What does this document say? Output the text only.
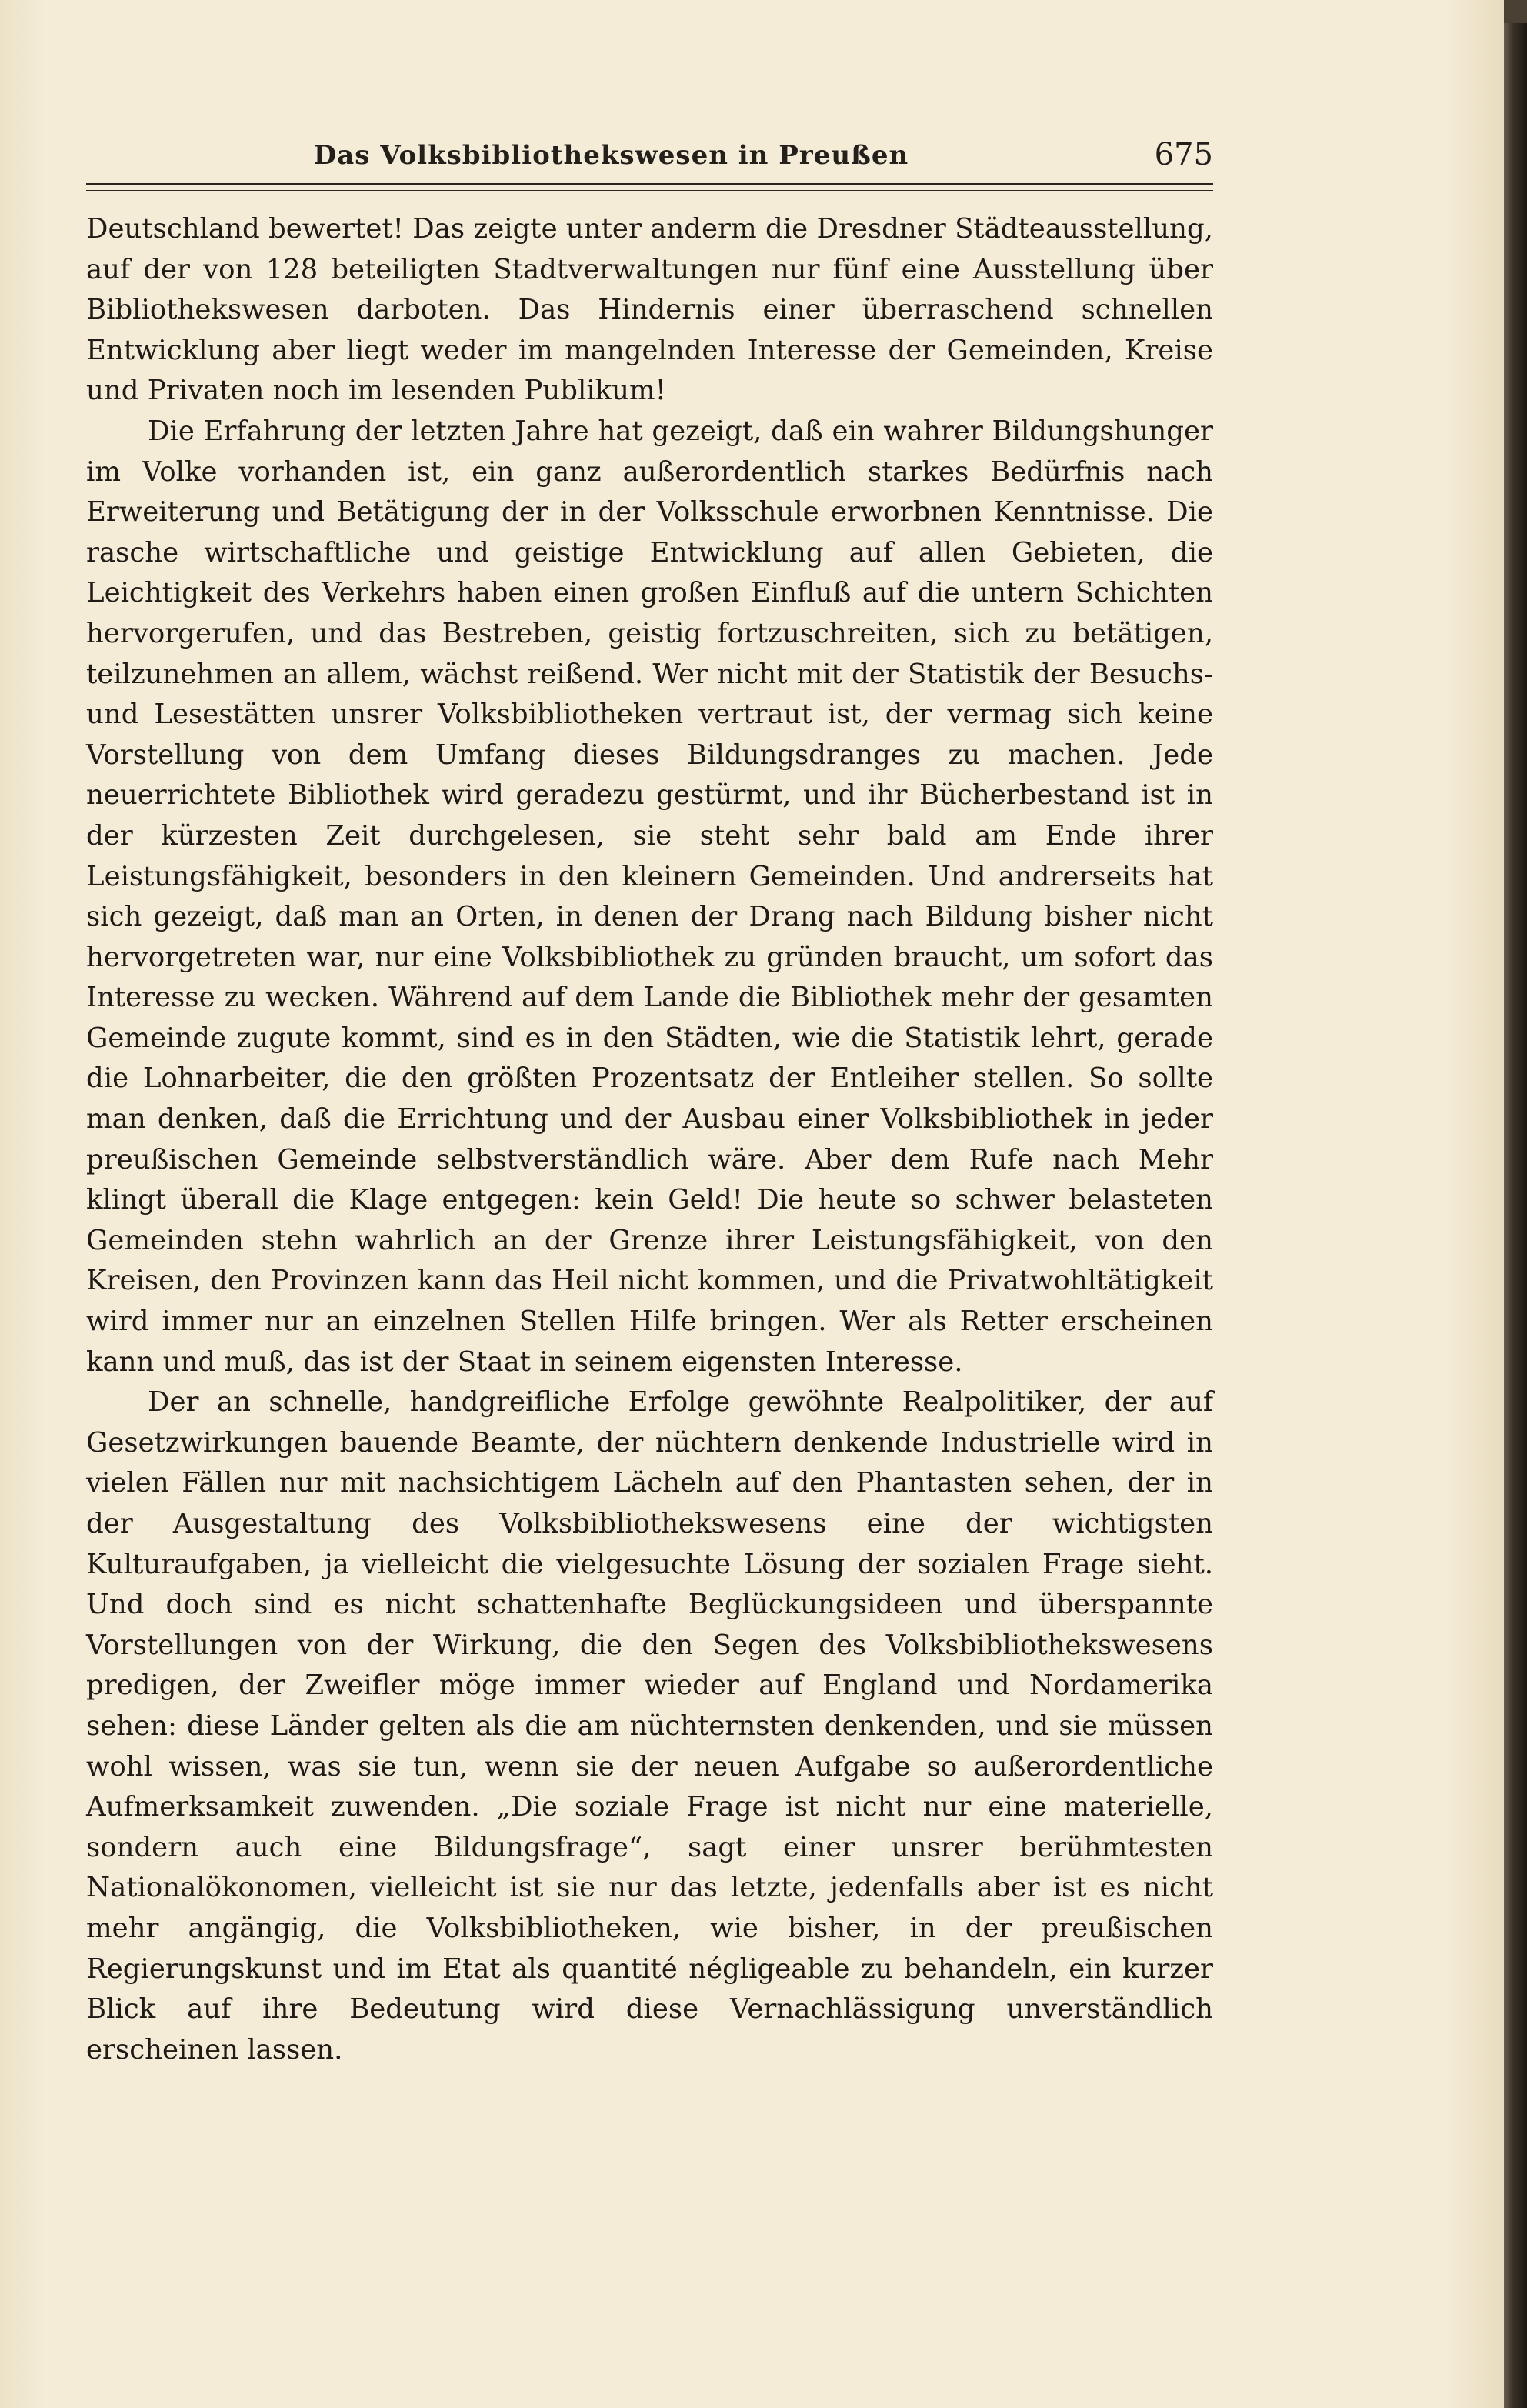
Das Volksbibliothekswesen in Preußen	675

Deutschland bewertet! Das zeigte unter anderm die Dresdner Städteausstellung, auf der von 128 beteiligten Stadtverwaltungen nur fünf eine Ausstellung über Bibliothekswesen darboten. Das Hindernis einer überraschend schnellen Entwicklung aber liegt weder im mangelnden Interesse der Gemeinden, Kreise und Privaten noch im lesenden Publikum!

Die Erfahrung der letzten Jahre hat gezeigt, daß ein wahrer Bildungshunger im Volke vorhanden ist, ein ganz außerordentlich starkes Bedürfnis nach Erweiterung und Betätigung der in der Volksschule erworbnen Kenntnisse. Die rasche wirtschaftliche und geistige Entwicklung auf allen Gebieten, die Leichtigkeit des Verkehrs haben einen großen Einfluß auf die untern Schichten hervorgerufen, und das Bestreben, geistig fortzuschreiten, sich zu betätigen, teilzunehmen an allem, wächst reißend. Wer nicht mit der Statistik der Besuchs- und Lesestätten unsrer Volksbibliotheken vertraut ist, der vermag sich keine Vorstellung von dem Umfang dieses Bildungsdranges zu machen. Jede neuerrichtete Bibliothek wird geradezu gestürmt, und ihr Bücherbestand ist in der kürzesten Zeit durchgelesen, sie steht sehr bald am Ende ihrer Leistungsfähigkeit, besonders in den kleinern Gemeinden. Und andrerseits hat sich gezeigt, daß man an Orten, in denen der Drang nach Bildung bisher nicht hervorgetreten war, nur eine Volksbibliothek zu gründen braucht, um sofort das Interesse zu wecken. Während auf dem Lande die Bibliothek mehr der gesamten Gemeinde zugute kommt, sind es in den Städten, wie die Statistik lehrt, gerade die Lohnarbeiter, die den größten Prozentsatz der Entleiher stellen. So sollte man denken, daß die Errichtung und der Ausbau einer Volksbibliothek in jeder preußischen Gemeinde selbstverständlich wäre. Aber dem Rufe nach Mehr klingt überall die Klage entgegen: kein Geld! Die heute so schwer belasteten Gemeinden stehn wahrlich an der Grenze ihrer Leistungsfähigkeit, von den Kreisen, den Provinzen kann das Heil nicht kommen, und die Privatwohltätigkeit wird immer nur an einzelnen Stellen Hilfe bringen. Wer als Retter erscheinen kann und muß, das ist der Staat in seinem eigensten Interesse.

Der an schnelle, handgreifliche Erfolge gewöhnte Realpolitiker, der auf Gesetzwirkungen bauende Beamte, der nüchtern denkende Industrielle wird in vielen Fällen nur mit nachsichtigem Lächeln auf den Phantasten sehen, der in der Ausgestaltung des Volksbibliothekswesens eine der wichtigsten Kulturaufgaben, ja vielleicht die vielgesuchte Lösung der sozialen Frage sieht. Und doch sind es nicht schattenhafte Beglückungsideen und überspannte Vorstellungen von der Wirkung, die den Segen des Volksbibliothekswesens predigen, der Zweifler möge immer wieder auf England und Nordamerika sehen: diese Länder gelten als die am nüchternsten denkenden, und sie müssen wohl wissen, was sie tun, wenn sie der neuen Aufgabe so außerordentliche Aufmerksamkeit zuwenden. „Die soziale Frage ist nicht nur eine materielle, sondern auch eine Bildungsfrage“, sagt einer unsrer berühmtesten Nationalökonomen, vielleicht ist sie nur das letzte, jedenfalls aber ist es nicht mehr angängig, die Volksbibliotheken, wie bisher, in der preußischen Regierungskunst und im Etat als quantité négligeable zu behandeln, ein kurzer Blick auf ihre Bedeutung wird diese Vernachlässigung unverständlich erscheinen lassen.
